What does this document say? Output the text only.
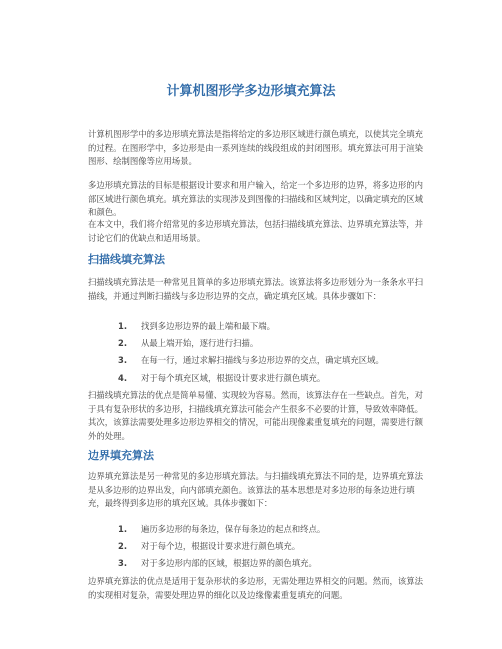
计算机图形学多边形填充算法

计算机图形学中的多边形填充算法是指将给定的多边形区域进行颜色填充，以使其完全填充的过程。在图形学中，多边形是由一系列连续的线段组成的封闭图形。填充算法可用于渲染图形、绘制图像等应用场景。

多边形填充算法的目标是根据设计要求和用户输入，给定一个多边形的边界，将多边形的内部区域进行颜色填充。填充算法的实现涉及到图像的扫描线和区域判定，以确定填充的区域和颜色。

在本文中，我们将介绍常见的多边形填充算法，包括扫描线填充算法、边界填充算法等，并讨论它们的优缺点和适用场景。

扫描线填充算法

扫描线填充算法是一种常见且简单的多边形填充算法。该算法将多边形划分为一条条水平扫描线，并通过判断扫描线与多边形边界的交点，确定填充区域。具体步骤如下：

1.	找到多边形边界的最上端和最下端。
2.	从最上端开始，逐行进行扫描。
3.	在每一行，通过求解扫描线与多边形边界的交点，确定填充区域。
4.	对于每个填充区域，根据设计要求进行颜色填充。

扫描线填充算法的优点是简单易懂、实现较为容易。然而，该算法存在一些缺点。首先，对于具有复杂形状的多边形，扫描线填充算法可能会产生很多不必要的计算，导致效率降低。其次，该算法需要处理多边形边界相交的情况，可能出现像素重复填充的问题，需要进行额外的处理。

边界填充算法

边界填充算法是另一种常见的多边形填充算法。与扫描线填充算法不同的是，边界填充算法是从多边形的边界出发，向内部填充颜色。该算法的基本思想是对多边形的每条边进行填充，最终得到多边形的填充区域。具体步骤如下：

1.	遍历多边形的每条边，保存每条边的起点和终点。
2.	对于每个边，根据设计要求进行颜色填充。
3.	对于多边形内部的区域，根据边界的颜色填充。

边界填充算法的优点是适用于复杂形状的多边形，无需处理边界相交的问题。然而，该算法的实现相对复杂，需要处理边界的细化以及边缘像素重复填充的问题。
